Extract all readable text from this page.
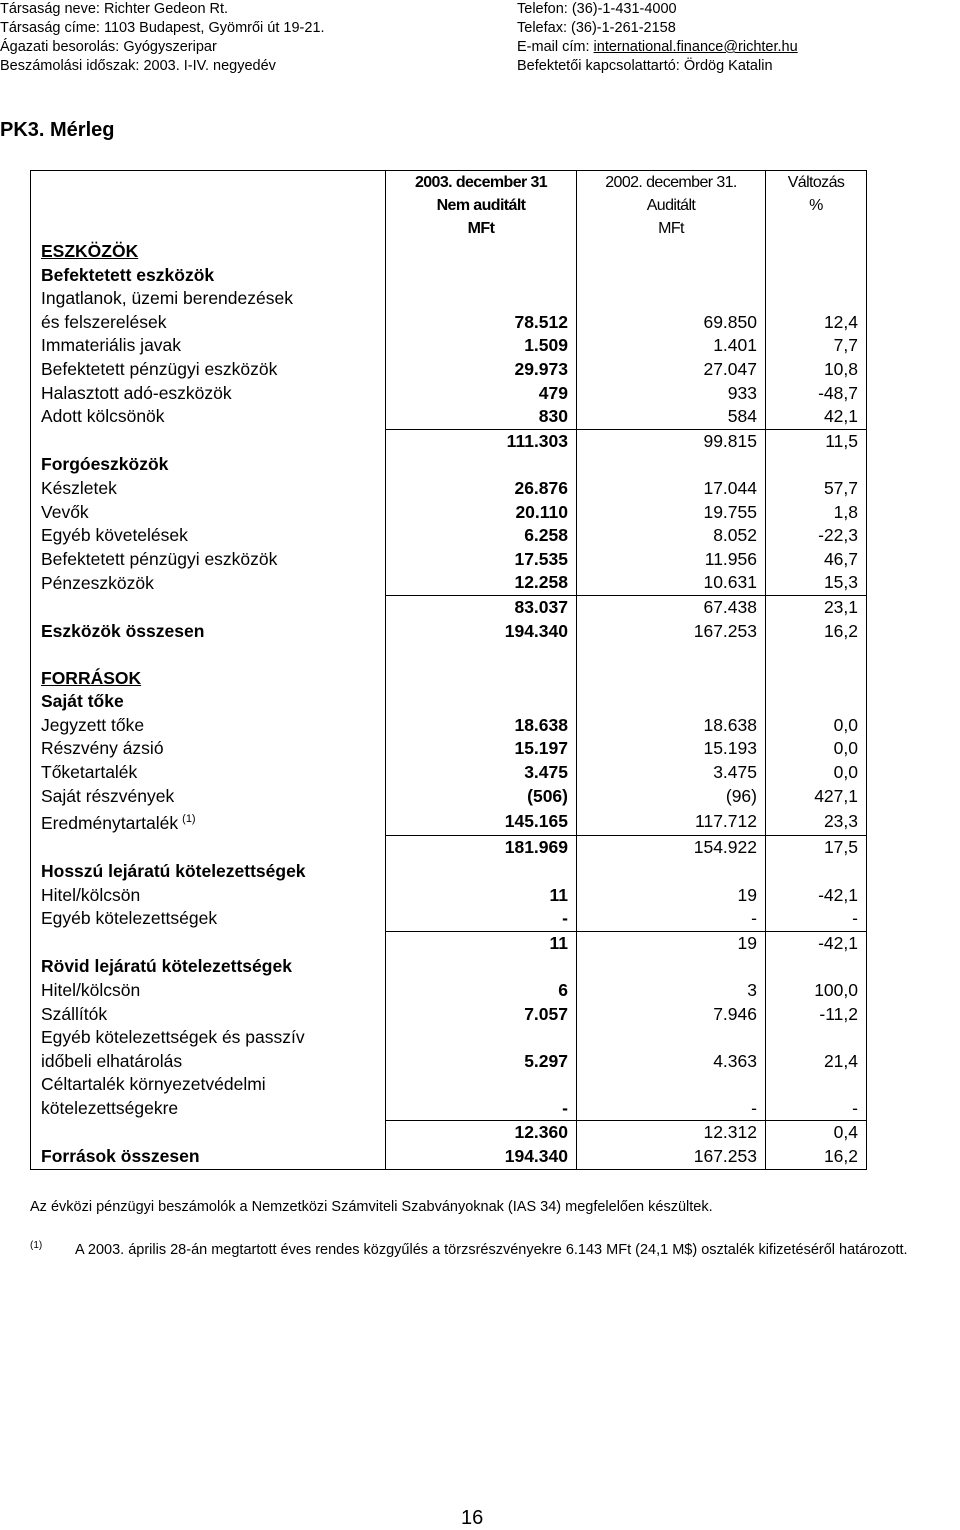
Társaság neve: Richter Gedeon Rt.
Társaság címe: 1103 Budapest, Gyömrői út 19-21.
Ágazati besorolás: Gyógyszeripar
Beszámolási időszak: 2003. I-IV. negyedév
Telefon: (36)-1-431-4000
Telefax: (36)-1-261-2158
E-mail cím: international.finance@richter.hu
Befektetői kapcsolattartó: Ördög Katalin
PK3. Mérleg
	2003. december 31	2002. december 31.	Változás
	Nem auditált	Auditált	%
	MFt	MFt	
ESZKÖZÖK			
Befektetett eszközök			
Ingatlanok, üzemi berendezések			
és felszerelések	78.512	69.850	12,4
Immateriális javak	1.509	1.401	7,7
Befektetett pénzügyi eszközök	29.973	27.047	10,8
Halasztott adó-eszközök	479	933	-48,7
Adott kölcsönök	830	584	42,1
	111.303	99.815	11,5
Forgóeszközök			
Készletek	26.876	17.044	57,7
Vevők	20.110	19.755	1,8
Egyéb követelések	6.258	8.052	-22,3
Befektetett pénzügyi eszközök	17.535	11.956	46,7
Pénzeszközök	12.258	10.631	15,3
	83.037	67.438	23,1
Eszközök összesen	194.340	167.253	16,2

FORRÁSOK			
Saját tőke			
Jegyzett tőke	18.638	18.638	0,0
Részvény ázsió	15.197	15.193	0,0
Tőketartalék	3.475	3.475	0,0
Saját részvények	(506)	(96)	427,1
Eredménytartalék $^{(1)}$	145.165	117.712	23,3
	181.969	154.922	17,5
Hosszú lejáratú kötelezettségek			
Hitel/kölcsön	11	19	-42,1
Egyéb kötelezettségek	-	-	-
	11	19	-42,1
Rövid lejáratú kötelezettségek			
Hitel/kölcsön	6	3	100,0
Szállítók	7.057	7.946	-11,2
Egyéb kötelezettségek és passzív			
időbeli elhatárolás	5.297	4.363	21,4
Céltartalék környezetvédelmi			
kötelezettségekre	-	-	-
	12.360	12.312	0,4
Források összesen	194.340	167.253	16,2
Az évközi pénzügyi beszámolók a Nemzetközi Számviteli Szabványoknak (IAS 34) megfelelően készültek.
(1) A 2003. április 28-án megtartott éves rendes közgyűlés a törzsrészvényekre 6.143 MFt (24,1 M$) osztalék kifizetéséről határozott.
16
